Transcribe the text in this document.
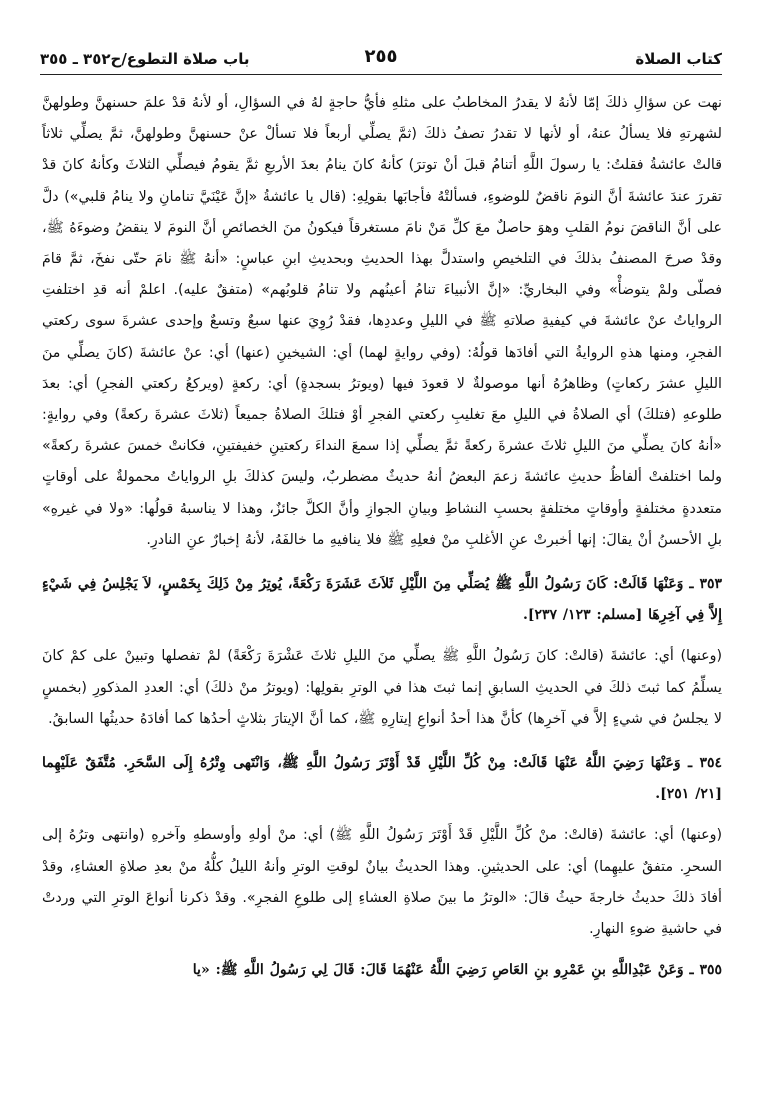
كتاب الصلاة
٢٥٥
باب صلاة التطوع/ح٣٥٢ ـ ٣٥٥

نهت عن سؤالِ ذلكَ إمّا لأنهُ لا يقدرُ المخاطبُ على مثلهِ فأيُّ حاجةٍ لهُ في السؤالِ، أو لأنهُ قدْ علمَ حسنهنَّ وطولهنَّ لشهرتهِ فلا يسألُ عنهُ، أو لأنها لا تقدرُ تصفُ ذلكَ (ثمَّ يصلِّي أربعاً فلا تسألْ عنْ حسنهنَّ وطولهنَّ، ثمَّ يصلِّي ثلاثاً قالتْ عائشةُ فقلتُ: يا رسولَ اللَّهِ أتنامُ قبلَ أنْ توترَ) كأنهُ كانَ ينامُ بعدَ الأربعِ ثمَّ يقومُ فيصلِّي الثلاثَ وكأنهُ كانَ قدْ تقررَ عندَ عائشةَ أنَّ النومَ ناقضٌ للوضوءِ، فسألتْهُ فأجابَها بقولِهِ: (قال يا عائشةُ «إنَّ عَيْنَيَّ تنامانِ ولا ينامُ قلبي») دلَّ على أنَّ الناقضَ نومُ القلبِ وهوَ حاصلٌ معَ كلِّ مَنْ نامَ مستغرقاً فيكونُ منَ الخصائصِ أنَّ النومَ لا ينقضُ وضوءَهُ ﷺ، وقدْ صرحَ المصنفُ بذلكَ في التلخيصِ واستدلَّ بهذا الحديثِ وبحديثِ ابنِ عباسٍ: «أنهُ ﷺ نامَ حتّى نفخَ، ثمَّ قامَ فصلّى ولمْ يتوضأْ» وفي البخاريِّ: «إنَّ الأنبياءَ تنامُ أعينُهم ولا تنامُ قلوبُهم» (متفقٌ عليه). اعلمْ أنه قدِ اختلفتِ الرواياتُ عنْ عائشةَ في كيفيةِ صلاتهِ ﷺ في الليلِ وعددِها، فقدْ رُوِيَ عنها سبعٌ وتسعٌ وإحدى عشرةَ سوى ركعتي الفجرِ، ومنها هذهِ الروايةُ التي أفادَها قولُهُ: (وفي روايةٍ لهما) أي: الشيخينِ (عنها) أي: عنْ عائشةَ (كانَ يصلِّي منَ الليلِ عشرَ ركعاتٍ) وظاهرُهُ أنها موصولةٌ لا قعودَ فيها (ويوترُ بسجدةٍ) أي: ركعةٍ (ويركعُ ركعتي الفجرِ) أي: بعدَ طلوعهِ (فتلكَ) أي الصلاةُ في الليلِ معَ تغليبِ ركعتي الفجرِ أوْ فتلكَ الصلاةُ جميعاً (ثلاثَ عشرةَ ركعةً) وفي روايةٍ: «أنهُ كانَ يصلِّي منَ الليلِ ثلاثَ عشرةَ ركعةً ثمَّ يصلِّي إذا سمعَ النداءَ ركعتينِ خفيفتينِ، فكانتْ خمسَ عشرةَ ركعةً» ولما اختلفتْ ألفاظُ حديثِ عائشةَ زعمَ البعضُ أنهُ حديثٌ مضطربٌ، وليسَ كذلكَ بلِ الرواياتُ محمولةٌ على أوقاتٍ متعددةٍ مختلفةٍ وأوقاتٍ مختلفةٍ بحسبِ النشاطِ وبيانِ الجوازِ وأنَّ الكلَّ جائزٌ، وهذا لا يناسبهُ قولُها: «ولا في غيرهِ» بلِ الأحسنُ أنْ يقالَ: إنها أخبرتْ عنِ الأغلبِ منْ فعلِهِ ﷺ فلا ينافيهِ ما خالفَهُ، لأنهُ إخبارٌ عنِ النادرِ.

٣٥٣ ـ وَعَنْهَا قَالَتْ: كَانَ رَسُولُ اللَّهِ ﷺ يُصَلِّي مِنَ اللَّيْلِ ثَلاَثَ عَشَرَةَ رَكْعَةً، يُوتِرُ مِنْ ذَلِكَ بِخَمْسٍ، لاَ يَجْلِسُ فِي شَيْءٍ إِلاَّ فِي آخِرِهَا [مسلم: ١٢٣/ ٢٣٧].

(وعنها) أي: عائشةَ (قالتْ: كانَ رَسُولُ اللَّهِ ﷺ يصلِّي منَ الليلِ ثلاثَ عَشْرَةَ رَكْعَةً) لمْ تفصلها وتبينْ على كمْ كانَ يسلِّمُ كما ثبتَ ذلكَ في الحديثِ السابقِ إنما ثبتَ هذا في الوترِ بقولِها: (ويوترُ منْ ذلكَ) أي: العددِ المذكورِ (بخمسٍ لا يجلسُ في شيءٍ إلاَّ في آخرِها) كأنَّ هذا أحدُ أنواعِ إيتارِهِ ﷺ، كما أنَّ الإيتارَ بثلاثٍ أحدُها كما أفادَهُ حديثُها السابقُ.

٣٥٤ ـ وَعَنْهَا رَضِيَ اللَّهُ عَنْهَا قَالَتْ: مِنْ كُلِّ اللَّيْلِ قَدْ أَوْتَرَ رَسُولُ اللَّهِ ﷺ، وَانْتَهى وِتْرُهُ إِلَى السَّحَرِ. مُتَّفَقٌ عَلَيْهِما [٢١/ ٢٥١].

(وعنها) أي: عائشةَ (قالتْ: منْ كُلِّ اللَّيْلِ قَدْ أَوْتَرَ رَسُولُ اللَّهِ ﷺ) أي: منْ أولهِ وأوسطهِ وآخرهِ (وانتهى وترُهُ إلى السحرِ. متفقٌ عليهِما) أي: على الحديثينِ. وهذا الحديثُ بيانٌ لوقتِ الوترِ وأنهُ الليلُ كلُّهُ منْ بعدِ صلاةِ العشاءِ، وقدْ أفادَ ذلكَ حديثُ خارجةَ حيثُ قالَ: «الوترُ ما بينَ صلاةِ العشاءِ إلى طلوعِ الفجرِ». وقدْ ذكرنا أنواعَ الوترِ التي وردتْ في حاشيةِ ضوءِ النهارِ.

٣٥٥ ـ وَعَنْ عَبْدِاللَّهِ بنِ عَمْرِو بنِ العَاصِ رَضِيَ اللَّهُ عَنْهُمَا قَالَ: قَالَ لِي رَسُولُ اللَّهِ ﷺ: «يا
